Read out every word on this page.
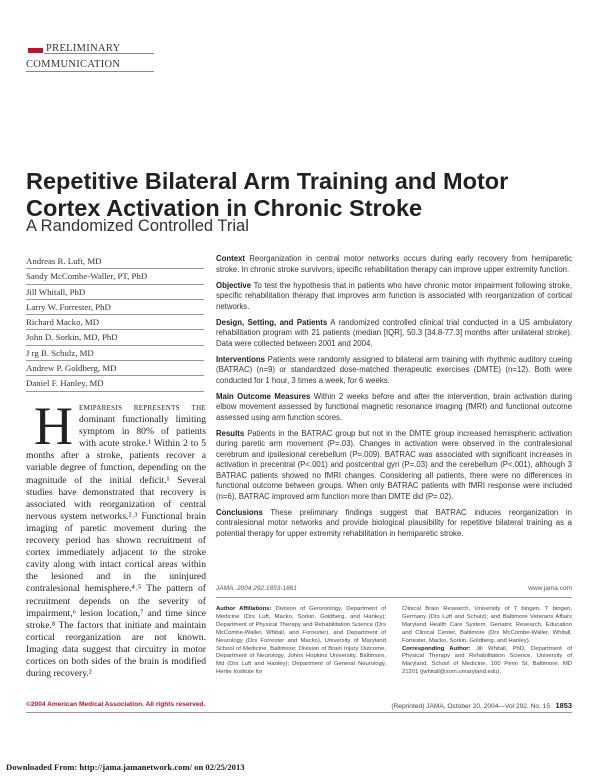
PRELIMINARY
COMMUNICATION
Repetitive Bilateral Arm Training and Motor
Cortex Activation in Chronic Stroke
A Randomized Controlled Trial
Andreas R. Luft, MD
Sandy McCombe-Waller, PT, PhD
Jill Whitall, PhD
Larry W. Forrester, PhD
Richard Macko, MD
John D. Sorkin, MD, PhD
J rg B. Schulz, MD
Andrew P. Goldberg, MD
Daniel F. Hanley, MD

Context Reorganization in central motor networks occurs during early recovery from hemiparetic stroke. In chronic stroke survivors, specific rehabilitation therapy can improve upper extremity function.

Objective To test the hypothesis that in patients who have chronic motor impairment following stroke, specific rehabilitation therapy that improves arm function is associated with reorganization of cortical networks.

Design, Setting, and Patients A randomized controlled clinical trial conducted in a US ambulatory rehabilitation program with 21 patients (median [IQR], 50.3 [34.8-77.3] months after unilateral stroke). Data were collected between 2001 and 2004.

Interventions Patients were randomly assigned to bilateral arm training with rhythmic auditory cueing (BATRAC) (n=9) or standardized dose-matched therapeutic exercises (DMTE) (n=12). Both were conducted for 1 hour, 3 times a week, for 6 weeks.

Main Outcome Measures Within 2 weeks before and after the intervention, brain activation during elbow movement assessed by functional magnetic resonance imaging (fMRI) and functional outcome assessed using arm function scores.

Results Patients in the BATRAC group but not in the DMTE group increased hemispheric activation during paretic arm movement (P=.03). Changes in activation were observed in the contralesional cerebrum and ipsilesional cerebellum (P=.009). BATRAC was associated with significant increases in activation in precentral (P<.001) and postcentral gyri (P=.03) and the cerebellum (P<.001), although 3 BATRAC patients showed no fMRI changes. Considering all patients, there were no differences in functional outcome between groups. When only BATRAC patients with fMRI response were included (n=6), BATRAC improved arm function more than DMTE did (P=.02).

Conclusions These preliminary findings suggest that BATRAC induces reorganization in contralesional motor networks and provide biological plausibility for repetitive bilateral training as a potential therapy for upper extremity rehabilitation in hemiparetic stroke.

JAMA. 2004;292:1853-1861	www.jama.com
Hemiparesis represents the dominant functionally limiting symptom in 80% of patients with acute stroke.¹ Within 2 to 5 months after a stroke, patients recover a variable degree of function, depending on the magnitude of the initial deficit.¹ Several studies have demonstrated that recovery is associated with reorganization of central nervous system networks.²˒³ Functional brain imaging of paretic movement during the recovery period has shown recruitment of cortex immediately adjacent to the stroke cavity along with intact cortical areas within the lesioned and in the uninjured contralesional hemisphere.⁴˒⁵ The pattern of recruitment depends on the severity of impairment,⁶ lesion location,⁷ and time since stroke.⁸ The factors that initiate and maintain cortical reorganization are not known. Imaging data suggest that circuitry in motor cortices on both sides of the brain is modified during recovery.²
Author Affiliations: Division of Gerontology, Department of Medicine (Drs Luft, Macko, Sorkin, Goldberg, and Hanley); Department of Physical Therapy and Rehabilitation Science (Drs McCombe-Waller, Whitall, and Forrester), and Department of Neurology (Drs Forrester and Macko), University of Maryland School of Medicine, Baltimore; Division of Brain Injury Outcome, Department of Neurology, Johns Hopkins University, Baltimore, Md (Drs Luft and Hanley); Department of General Neurology, Hertie Institute for
Clinical Brain Research, University of T bingen, T bingen, Germany (Drs Luft and Schulz); and Baltimore Veterans Affairs Maryland Health Care System, Geriatric Research, Education and Clinical Center, Baltimore (Drs McCombe-Waller, Whitall, Forrester, Macko, Sorkin, Goldberg, and Hanley).
Corresponding Author: Jill Whitall, PhD, Department of Physical Therapy and Rehabilitation Science, University of Maryland, School of Medicine, 100 Penn St, Baltimore, MD 21201 (jwhitall@som.umaryland.edu).
©2004 American Medical Association. All rights reserved.	(Reprinted) JAMA, October 20, 2004—Vol 292, No. 15 1853
Downloaded From: http://jama.jamanetwork.com/ on 02/25/2013
